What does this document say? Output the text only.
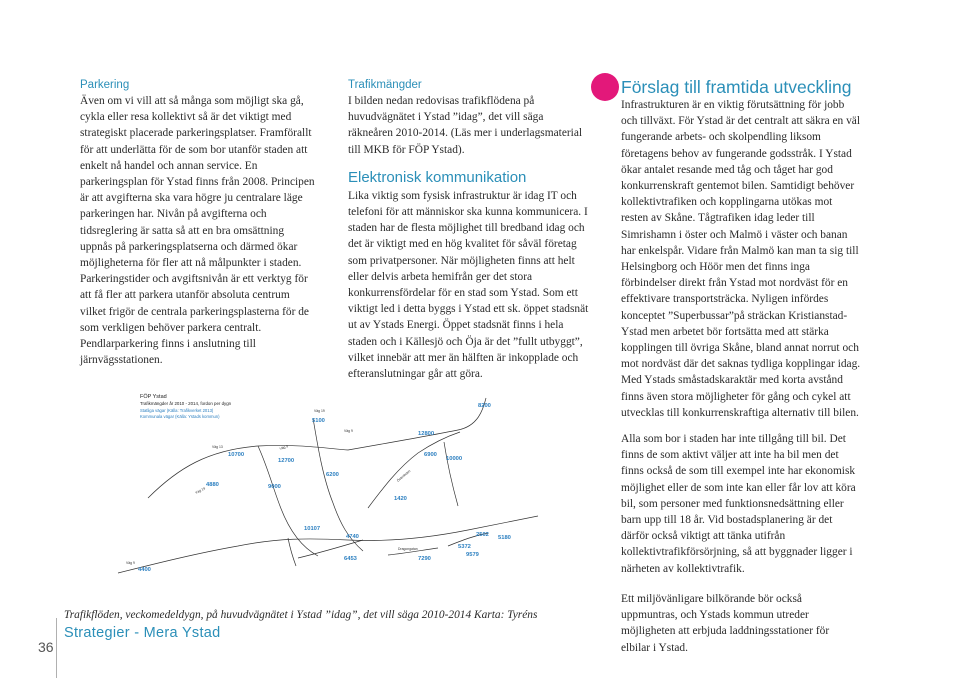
Parkering

Även om vi vill att så många som möjligt ska gå, cykla eller resa kollektivt så är det viktigt med strategiskt placerade parkeringsplatser. Framförallt för att underlätta för de som bor utanför staden att enkelt nå handel och annan service. En parkeringsplan för Ystad finns från 2008. Principen är att avgifterna ska vara högre ju centralare läge parkeringen har. Nivån på avgifterna och tidsreglering är satta så att en bra omsättning uppnås på parkeringsplatserna och därmed ökar möjligheterna för fler att nå målpunkter i staden. Parkeringstider och avgiftsnivån är ett verktyg för att få fler att parkera utanför absoluta centrum vilket frigör de centrala parkeringsplasterna för de som verkligen behöver parkera centralt. Pendlarparkering finns i anslutning till järnvägsstationen.

Trafikmängder

I bilden nedan redovisas trafikflödena på huvudvägnätet i Ystad ”idag”, det vill säga räkneåren 2010-2014. (Läs mer i underlagsmaterial till MKB för FÖP Ystad).

Elektronisk kommunikation

Lika viktig som fysisk infrastruktur är idag IT och telefoni för att människor ska kunna kommunicera. I staden har de flesta möjlighet till bredband idag och det är viktigt med en hög kvalitet för såväl företag som privatpersoner. När möjligheten finns att helt eller delvis arbeta hemifrån ger det stora konkurrensfördelar för en stad som Ystad. Som ett viktigt led i detta byggs i Ystad ett sk. öppet stadsnät ut av Ystads Energi. Öppet stadsnät finns i hela staden och i Källesjö och Öja är det ”fullt utbyggt”, vilket innebär att mer än hälften är inkopplade och efteranslutningar går att göra.

Förslag till framtida utveckling

Infrastrukturen är en viktig förutsättning för jobb och tillväxt. För Ystad är det centralt att säkra en väl fungerande arbets- och skolpendling liksom företagens behov av fungerande godsstråk. I Ystad ökar antalet resande med tåg och tåget har god konkurrenskraft gentemot bilen. Samtidigt behöver kollektivtrafiken och kopplingarna utökas mot resten av Skåne. Tågtrafiken idag leder till Simrishamn i öster och Malmö i väster och banan har enkelspår. Vidare från Malmö kan man ta sig till Helsingborg och Höör men det finns inga förbindelser direkt från Ystad mot nordväst för en effektivare transportsträcka. Nyligen infördes konceptet ”Superbussar”på sträckan Kristianstad-Ystad men arbetet bör fortsätta med att stärka kopplingen till övriga Skåne, bland annat norrut och mot nordväst där det saknas tydliga kopplingar idag. Med Ystads småstadskaraktär med korta avstånd finns även stora möjligheter för gång och cykel att utvecklas till konkurrenskraftiga alternativ till bilen.

Alla som bor i staden har inte tillgång till bil. Det finns de som aktivt väljer att inte ha bil men det finns också de som till exempel inte har ekonomisk möjlighet eller de som inte kan eller får lov att köra bil, som personer med funktionsnedsättning eller barn upp till 18 år. Vid bostadsplanering är det därför också viktigt att tänka utifrån kollektivtrafikförsörjning, så att byggnader ligger i närheten av kollektivtrafik.

Ett miljövänligare bilkörande bör också uppmuntras, och Ystads kommun utreder möjligheten att erbjuda laddningsstationer för elbilar i Ystad.

FÖP Ystad
Trafikmängder år 2010 - 2014, fordon per dygn
Statliga vägar (Källa: Trafikverket 2013)
Kommunala vägar (Källa: Ystads kommun)
10700
12700
9000
5100
6200
12800
6900
10000
1420
8200
10107
4740
5372
7290
2502
9579
5180
4880
6453
4400
Väg 13	Väg 9
Väg 19
Väg 9
Väg 19
Dragongatan
Österleden
Väg 9

Trafikflöden, veckomedeldygn, på huvudvägnätet i Ystad ”idag”, det vill säga 2010-2014 Karta: Tyréns

36
Strategier - Mera Ystad
